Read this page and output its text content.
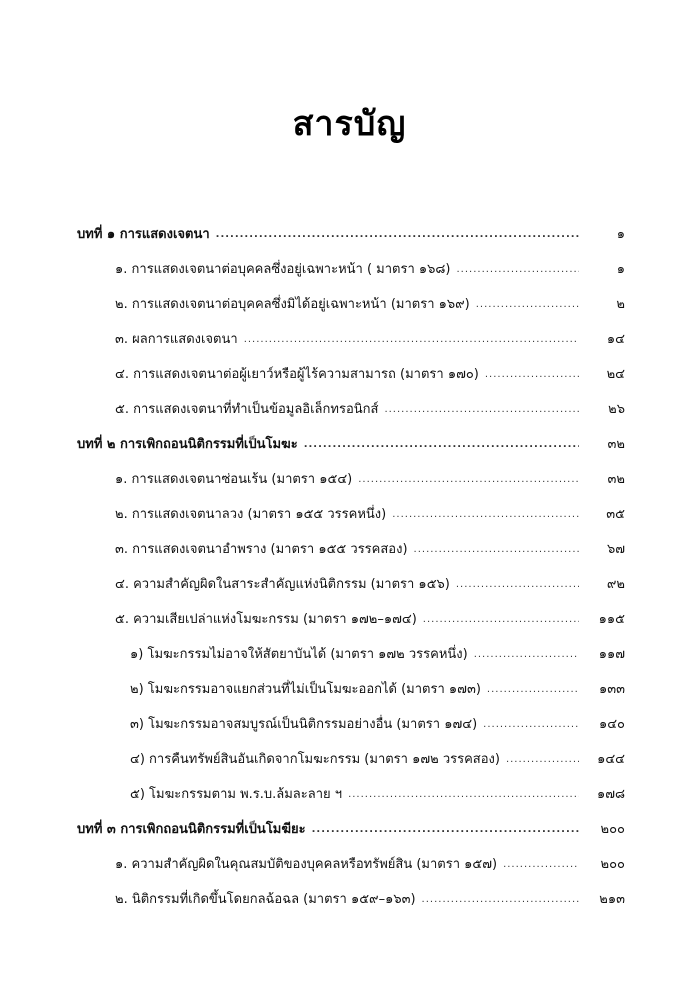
สารบัญ
บทที่ ๑ การแสดงเจตนา .....	๑
๑. การแสดงเจตนาต่อบุคคลซึ่งอยู่เฉพาะหน้า ( มาตรา ๑๖๘) .....	๑
๒. การแสดงเจตนาต่อบุคคลซึ่งมิได้อยู่เฉพาะหน้า (มาตรา ๑๖๙) .....	๒
๓. ผลการแสดงเจตนา .....	๑๔
๔. การแสดงเจตนาต่อผู้เยาว์หรือผู้ไร้ความสามารถ (มาตรา ๑๗๐) .....	๒๔
๕. การแสดงเจตนาที่ทำเป็นข้อมูลอิเล็กทรอนิกส์ .....	๒๖
บทที่ ๒ การเพิกถอนนิติกรรมที่เป็นโมฆะ .....	๓๒
๑. การแสดงเจตนาซ่อนเร้น (มาตรา ๑๕๔) .....	๓๒
๒. การแสดงเจตนาลวง (มาตรา ๑๕๕ วรรคหนึ่ง) .....	๓๕
๓. การแสดงเจตนาอำพราง (มาตรา ๑๕๕ วรรคสอง) .....	๖๗
๔. ความสำคัญผิดในสาระสำคัญแห่งนิติกรรม (มาตรา ๑๕๖) .....	๙๒
๕. ความเสียเปล่าแห่งโมฆะกรรม (มาตรา ๑๗๒–๑๗๔) .....	๑๑๕
๑) โมฆะกรรมไม่อาจให้สัตยาบันได้ (มาตรา ๑๗๒ วรรคหนึ่ง) .....	๑๑๗
๒) โมฆะกรรมอาจแยกส่วนที่ไม่เป็นโมฆะออกได้ (มาตรา ๑๗๓) .....	๑๓๓
๓) โมฆะกรรมอาจสมบูรณ์เป็นนิติกรรมอย่างอื่น (มาตรา ๑๗๔) .....	๑๔๐
๔) การคืนทรัพย์สินอันเกิดจากโมฆะกรรม (มาตรา ๑๗๒ วรรคสอง) .....	๑๔๔
๕) โมฆะกรรมตาม พ.ร.บ.ล้มละลาย ฯ .....	๑๗๘
บทที่ ๓ การเพิกถอนนิติกรรมที่เป็นโมฆียะ .....	๒๐๐
๑. ความสำคัญผิดในคุณสมบัติของบุคคลหรือทรัพย์สิน (มาตรา ๑๕๗) .....	๒๐๐
๒. นิติกรรมที่เกิดขึ้นโดยกลฉ้อฉล (มาตรา ๑๕๙–๑๖๓) .....	๒๑๓
